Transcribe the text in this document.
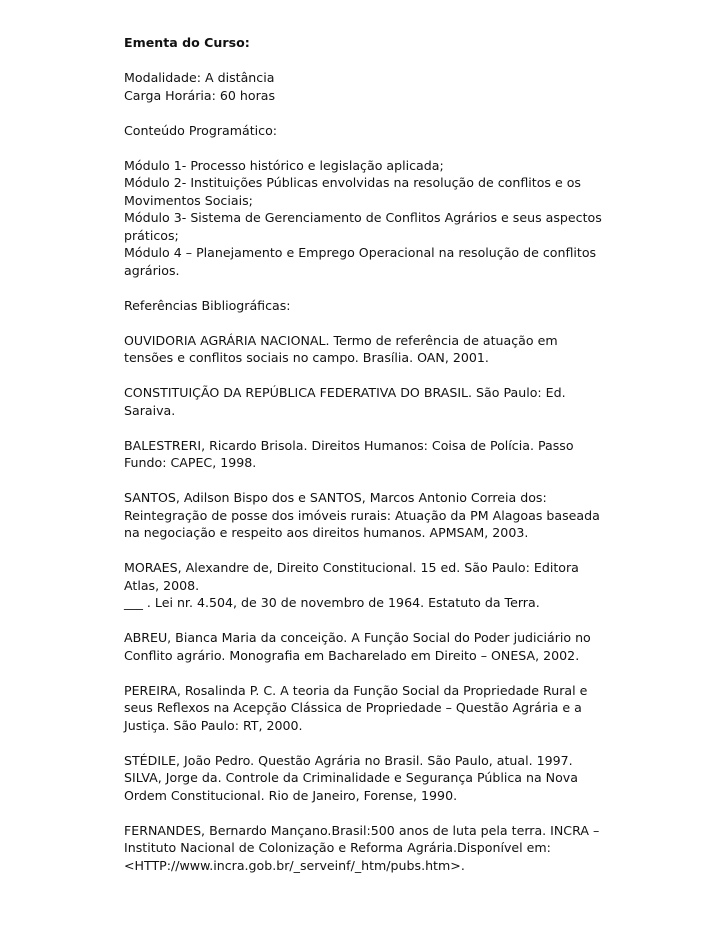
Ementa do Curso:
Modalidade: A distância
Carga Horária: 60 horas
Conteúdo Programático:
Módulo 1- Processo histórico e legislação aplicada;
Módulo 2- Instituições Públicas envolvidas na resolução de conflitos e os
Movimentos Sociais;
Módulo 3- Sistema de Gerenciamento de Conflitos Agrários e seus aspectos
práticos;
Módulo 4 – Planejamento e Emprego Operacional na resolução de conflitos
agrários.
Referências Bibliográficas:
OUVIDORIA AGRÁRIA NACIONAL. Termo de referência de atuação em
tensões e conflitos sociais no campo. Brasília. OAN, 2001.
CONSTITUIÇÃO DA REPÚBLICA FEDERATIVA DO BRASIL. São Paulo: Ed.
Saraiva.
BALESTRERI, Ricardo Brisola. Direitos Humanos: Coisa de Polícia. Passo
Fundo: CAPEC, 1998.
SANTOS, Adilson Bispo dos e SANTOS, Marcos Antonio Correia dos:
Reintegração de posse dos imóveis rurais: Atuação da PM Alagoas baseada
na negociação e respeito aos direitos humanos. APMSAM, 2003.
MORAES, Alexandre de, Direito Constitucional. 15 ed. São Paulo: Editora
Atlas, 2008.
___ . Lei nr. 4.504, de 30 de novembro de 1964. Estatuto da Terra.
ABREU, Bianca Maria da conceição. A Função Social do Poder judiciário no
Conflito agrário. Monografia em Bacharelado em Direito – ONESA, 2002.
PEREIRA, Rosalinda P. C. A teoria da Função Social da Propriedade Rural e
seus Reflexos na Acepção Clássica de Propriedade – Questão Agrária e a
Justiça. São Paulo: RT, 2000.
STÉDILE, João Pedro. Questão Agrária no Brasil. São Paulo, atual. 1997.
SILVA, Jorge da. Controle da Criminalidade e Segurança Pública na Nova
Ordem Constitucional. Rio de Janeiro, Forense, 1990.
FERNANDES, Bernardo Mançano.Brasil:500 anos de luta pela terra. INCRA –
Instituto Nacional de Colonização e Reforma Agrária.Disponível em:
<HTTP://www.incra.gob.br/_serveinf/_htm/pubs.htm>.
